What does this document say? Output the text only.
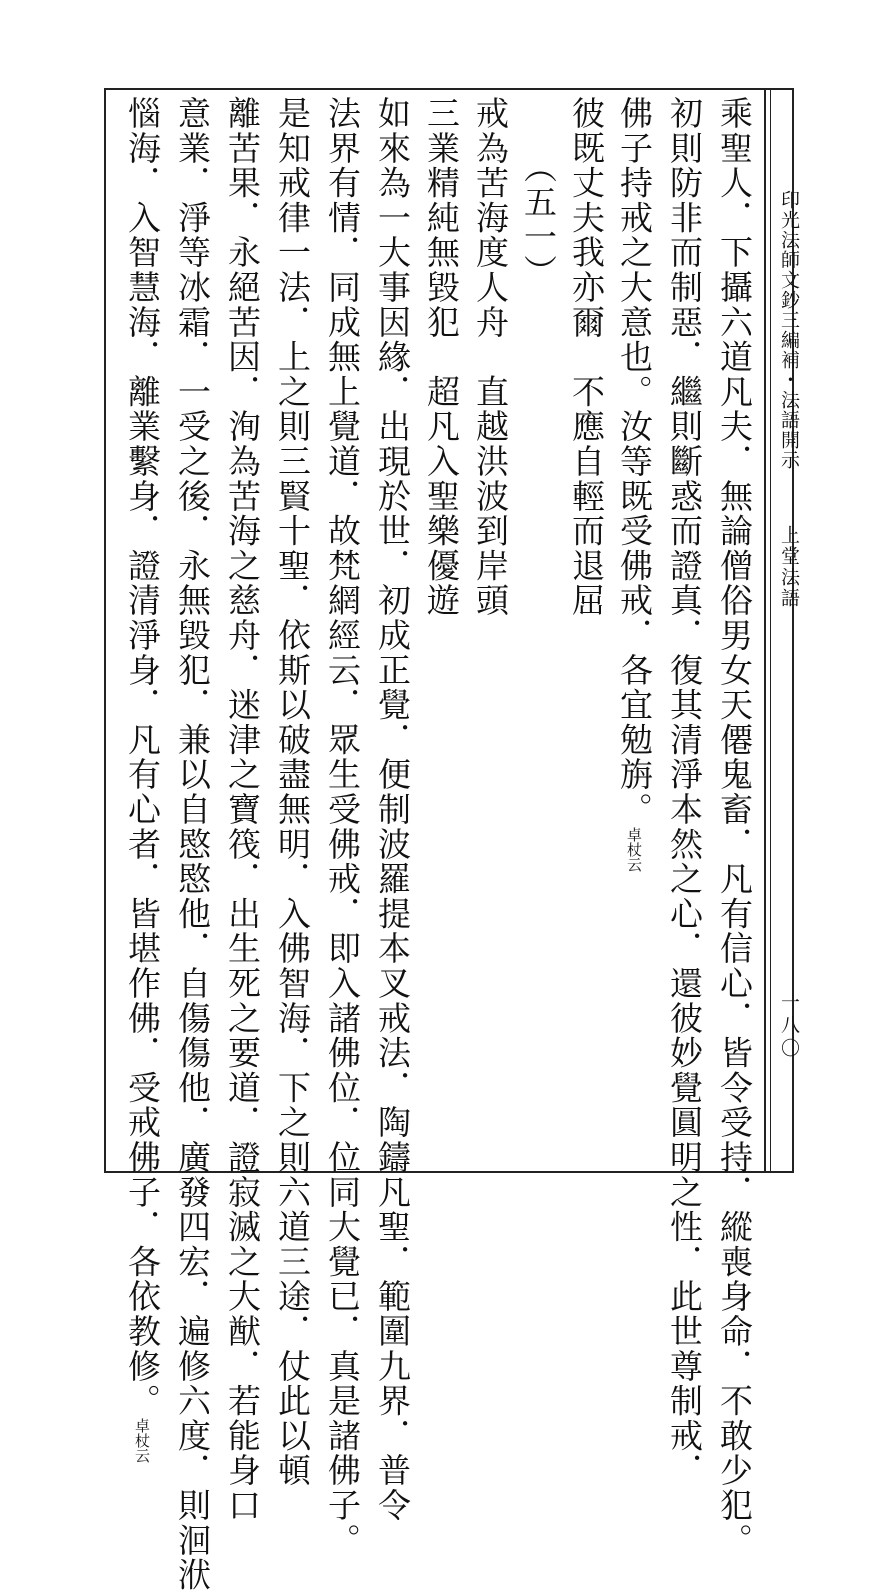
印光法師文鈔三編補・法語開示
上堂法語
一八〇
乘聖人．下攝六道凡夫．無論僧俗男女天僊鬼畜．凡有信心．皆令受持．縱喪身命．不敢少犯。
初則防非而制惡．繼則斷惑而證真．復其清淨本然之心．還彼妙覺圓明之性．此世尊制戒．
佛子持戒之大意也。汝等既受佛戒．各宜勉旃。卓杖云
彼既丈夫我亦爾　不應自輕而退屈
（五一）
戒為苦海度人舟　直越洪波到岸頭
三業精純無毀犯　超凡入聖樂優遊
如來為一大事因緣．出現於世．初成正覺．便制波羅提本叉戒法．陶鑄凡聖．範圍九界．普令
法界有情．同成無上覺道．故梵網經云．眾生受佛戒．即入諸佛位．位同大覺已．真是諸佛子。
是知戒律一法．上之則三賢十聖．依斯以破盡無明．入佛智海．下之則六道三途．仗此以頓
離苦果．永絕苦因．洵為苦海之慈舟．迷津之寶筏．出生死之要道．證寂滅之大猷．若能身口
意業．淨等冰霜．一受之後．永無毀犯．兼以自愍愍他．自傷傷他．廣發四宏．遍修六度．則洄洑
惱海．入智慧海．離業繫身．證清淨身．凡有心者．皆堪作佛．受戒佛子．各依教修。卓杖云
